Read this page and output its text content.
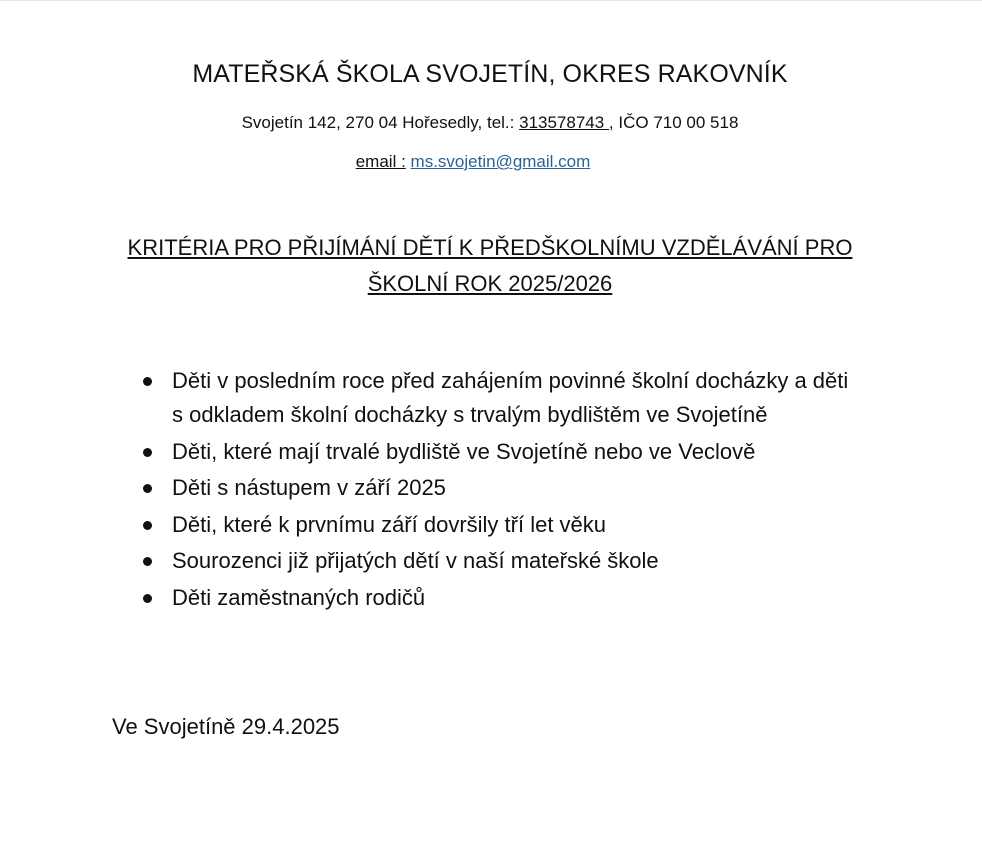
MATEŘSKÁ ŠKOLA SVOJETÍN, OKRES RAKOVNÍK
Svojetín 142, 270 04 Hořesedly, tel.: 313578743 , IČO 710 00 518
email : ms.svojetin@gmail.com
KRITÉRIA PRO PŘIJÍMÁNÍ DĚTÍ K PŘEDŠKOLNÍMU VZDĚLÁVÁNÍ PRO
ŠKOLNÍ ROK 2025/2026
Děti v posledním roce před zahájením povinné školní docházky a děti s odkladem školní docházky s trvalým bydlištěm ve Svojetíně
Děti, které mají trvalé bydliště ve Svojetíně nebo ve Veclově
Děti s nástupem v září 2025
Děti, které k prvnímu září dovršily tří let věku
Sourozenci již přijatých dětí v naší mateřské škole
Děti zaměstnaných rodičů
Ve Svojetíně 29.4.2025
